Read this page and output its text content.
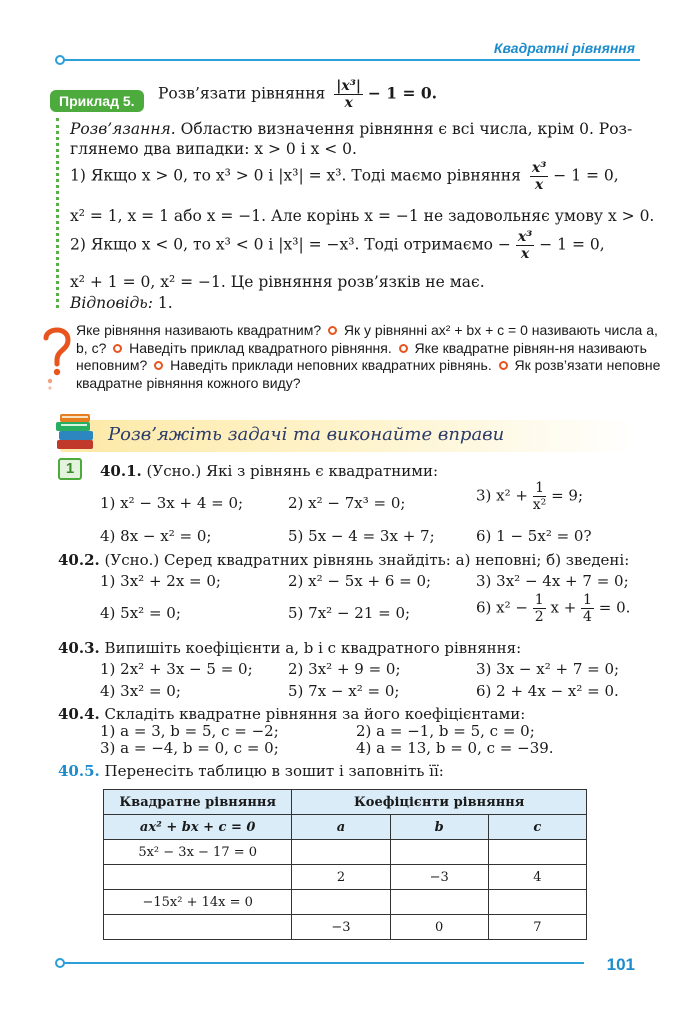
Квадратні рівняння
Приклад 5.	Розв’язати рівняння $\frac{\text{|x³|}}{x} - 1 = 0$.
Розв’язання. Областю визначення рівняння є всі числа, крім 0. Роз-
глянемо два випадки: x > 0 і x < 0.
1) Якщо x > 0, то x³ > 0 і |x³| = x³. Тоді маємо рівняння $\frac{\text{x³}}{x} - 1 = 0$,
x² = 1, x = 1 або x = −1. Але корінь x = −1 не задовольняє умову x > 0.
2) Якщо x < 0, то x³ < 0 і |x³| = −x³. Тоді отримаємо − $\frac{\text{x³}}{x} - 1 = 0$,
x² + 1 = 0, x² = −1. Це рівняння розв’язків не має.
Відповідь: 1.
Яке рівняння називають квадратним? Як у рівнянні ax² + bx + c = 0 називають числа a, b, c? Наведіть приклад квадратного рівняння. Яке квадратне рівнян-ня називають неповним? Наведіть приклади неповних квадратних рівнянь. Як розв’язати неповне квадратне рівняння кожного виду?
Розв’яжіть задачі та виконайте вправи
1	40.1. (Усно.) Які з рівнянь є квадратними:
1) x² − 3x + 4 = 0;	2) x² − 7x³ = 0;	3) $x^2 + \frac{1}{\text{x²}} = 9$;
4) 8x − x² = 0;	5) 5x − 4 = 3x + 7;	6) 1 − 5x² = 0?
40.2. (Усно.) Серед квадратних рівнянь знайдіть: а) неповні; б) зведені:
1) 3x² + 2x = 0;	2) x² − 5x + 6 = 0;	3) 3x² − 4x + 7 = 0;
4) 5x² = 0;	5) 7x² − 21 = 0;	6) $x^2 - \frac{1}{2}$ $x + \frac{1}{4} = 0$.
40.3. Випишіть коефіцієнти a, b і c квадратного рівняння:
1) 2x² + 3x − 5 = 0; 2) 3x² + 9 = 0;	3) 3x − x² + 7 = 0;
4) 3x² = 0;	5) 7x − x² = 0;	6) 2 + 4x − x² = 0.
40.4. Складіть квадратне рівняння за його коефіцієнтами:
1) a = 3, b = 5, c = −2;	2) a = −1, b = 5, c = 0;
3) a = −4, b = 0, c = 0;	4) a = 13, b = 0, c = −39.
40.5. Перенесіть таблицю в зошит і заповніть її:
Квадратне рівняння	Коефіцієнти рівняння		
ax² + bx + c = 0	a	b	c
5x² − 3x − 17 = 0			
	2	−3	4
−15x² + 14x = 0			
	−3	0	7
101
